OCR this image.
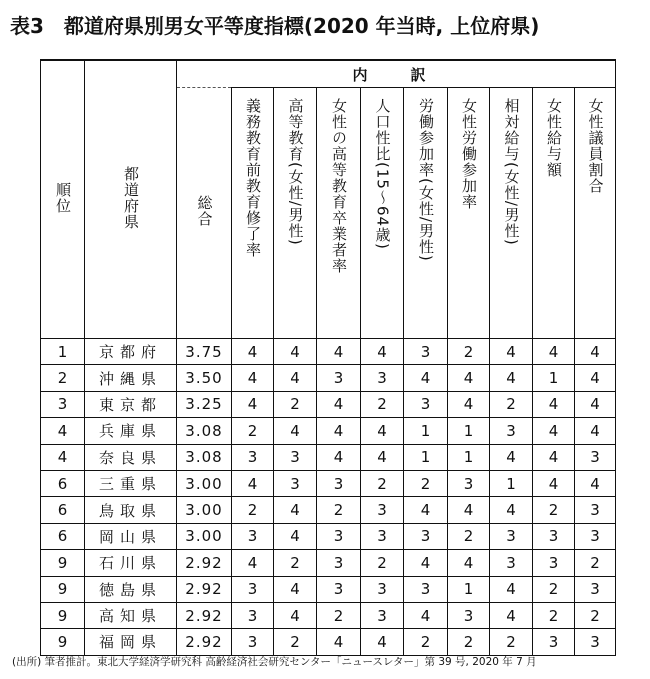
表3　都道府県別男女平等度指標(2020 年当時, 上位府県)
順位	都道府県	内　訳									
		総合	義務教育前教育修了率	高等教育(女性/男性)	女性の高等教育卒業者率	人口性比(15〜64歳)	労働参加率(女性/男性)	女性労働参加率	相対給与(女性/男性)	女性給与額	女性議員割合
1	京都府	3.75	4	4	4	4	3	2	4	4	4
2	沖縄県	3.50	4	4	3	3	4	4	4	1	4
3	東京都	3.25	4	2	4	2	3	4	2	4	4
4	兵庫県	3.08	2	4	4	4	1	1	3	4	4
4	奈良県	3.08	3	3	4	4	1	1	4	4	3
6	三重県	3.00	4	3	3	2	2	3	1	4	4
6	鳥取県	3.00	2	4	2	3	4	4	4	2	3
6	岡山県	3.00	3	4	3	3	3	2	3	3	3
9	石川県	2.92	4	2	3	2	4	4	3	3	2
9	徳島県	2.92	3	4	3	3	3	1	4	2	3
9	高知県	2.92	3	4	2	3	4	3	4	2	2
9	福岡県	2.92	3	2	4	4	2	2	2	3	3
(出所) 筆者推計。東北大学経済学研究科 高齢経済社会研究センター「ニュースレター」第 39 号, 2020 年 7 月
